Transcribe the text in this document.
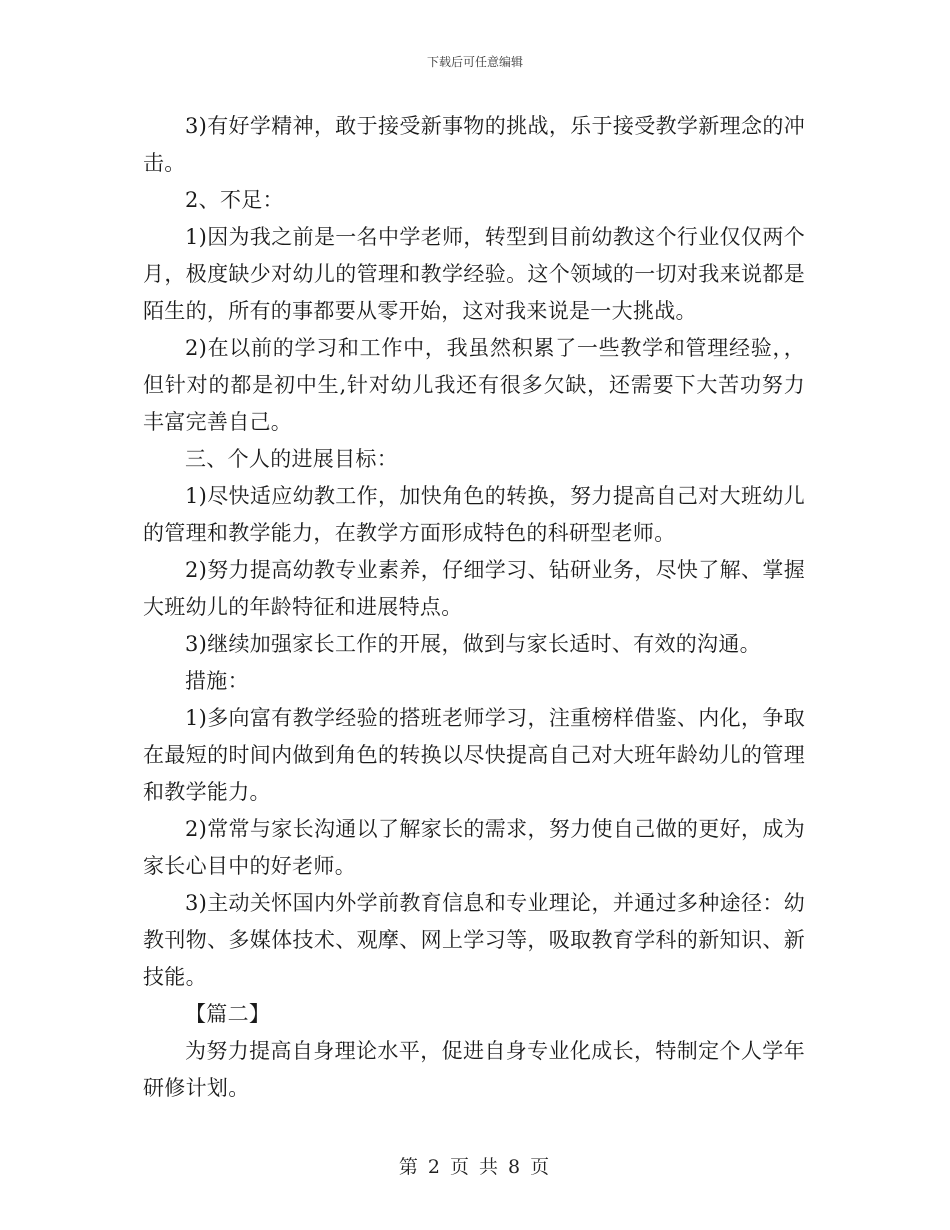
下载后可任意编辑

3)有好学精神，敢于接受新事物的挑战，乐于接受教学新理念的冲击。

2、不足：

1)因为我之前是一名中学老师，转型到目前幼教这个行业仅仅两个月，极度缺少对幼儿的管理和教学经验。这个领域的一切对我来说都是陌生的，所有的事都要从零开始，这对我来说是一大挑战。

2)在以前的学习和工作中，我虽然积累了一些教学和管理经验，，但针对的都是初中生,针对幼儿我还有很多欠缺，还需要下大苦功努力丰富完善自己。

三、个人的进展目标：

1)尽快适应幼教工作，加快角色的转换，努力提高自己对大班幼儿的管理和教学能力，在教学方面形成特色的科研型老师。

2)努力提高幼教专业素养，仔细学习、钻研业务，尽快了解、掌握大班幼儿的年龄特征和进展特点。

3)继续加强家长工作的开展，做到与家长适时、有效的沟通。

措施：

1)多向富有教学经验的搭班老师学习，注重榜样借鉴、内化，争取在最短的时间内做到角色的转换以尽快提高自己对大班年龄幼儿的管理和教学能力。

2)常常与家长沟通以了解家长的需求，努力使自己做的更好，成为家长心目中的好老师。

3)主动关怀国内外学前教育信息和专业理论，并通过多种途径：幼教刊物、多媒体技术、观摩、网上学习等，吸取教育学科的新知识、新技能。

【篇二】

为努力提高自身理论水平，促进自身专业化成长，特制定个人学年研修计划。

第 2 页 共 8 页
